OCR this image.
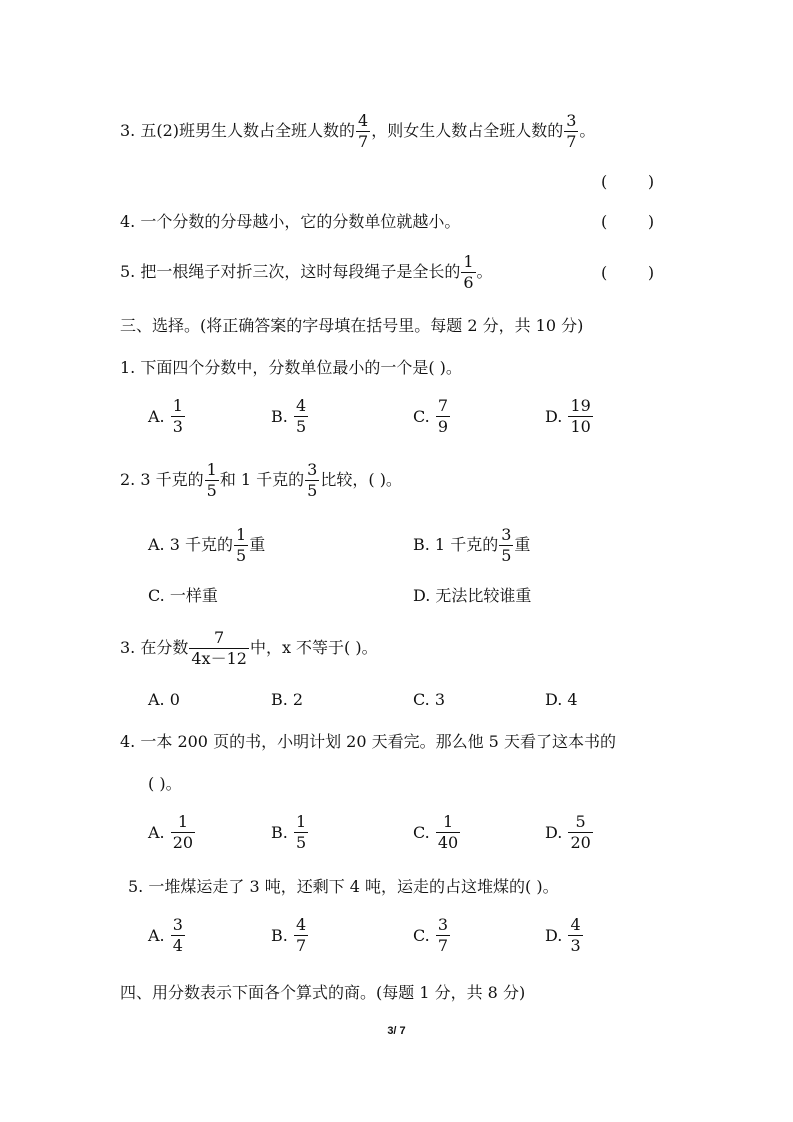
3. 五(2)班男生人数占全班人数的 $\frac{4}{7}$ ，则女生人数占全班人数的 $\frac{3}{7}$ 。
(        )
4. 一个分数的分母越小，它的分数单位就越小。	(        )
5. 把一根绳子对折三次，这时每段绳子是全长的 $\frac{1}{6}$ 。	(        )
三、选择。(将正确答案的字母填在括号里。每题 2 分，共 10 分)
1. 下面四个分数中，分数单位最小的一个是( )。
A. $\frac{1}{3}$	B. $\frac{4}{5}$	C. $\frac{7}{9}$	D. $\frac{19}{10}$
2. 3 千克的 $\frac{1}{5}$ 和 1 千克的 $\frac{3}{5}$ 比较，( )。
A. 3 千克的 $\frac{1}{5}$ 重	B. 1 千克的 $\frac{3}{5}$ 重
C. 一样重	D. 无法比较谁重
3. 在分数 $\frac{7}{4x-12}$ 中，x 不等于( )。
A. 0	B. 2	C. 3	D. 4
4. 一本 200 页的书，小明计划 20 天看完。那么他 5 天看了这本书的
( )。
A. $\frac{1}{20}$	B. $\frac{1}{5}$	C. $\frac{1}{40}$	D. $\frac{5}{20}$
5. 一堆煤运走了 3 吨，还剩下 4 吨，运走的占这堆煤的( )。
A. $\frac{3}{4}$	B. $\frac{4}{7}$	C. $\frac{3}{7}$	D. $\frac{4}{3}$
四、用分数表示下面各个算式的商。(每题 1 分，共 8 分)
3/ 7
